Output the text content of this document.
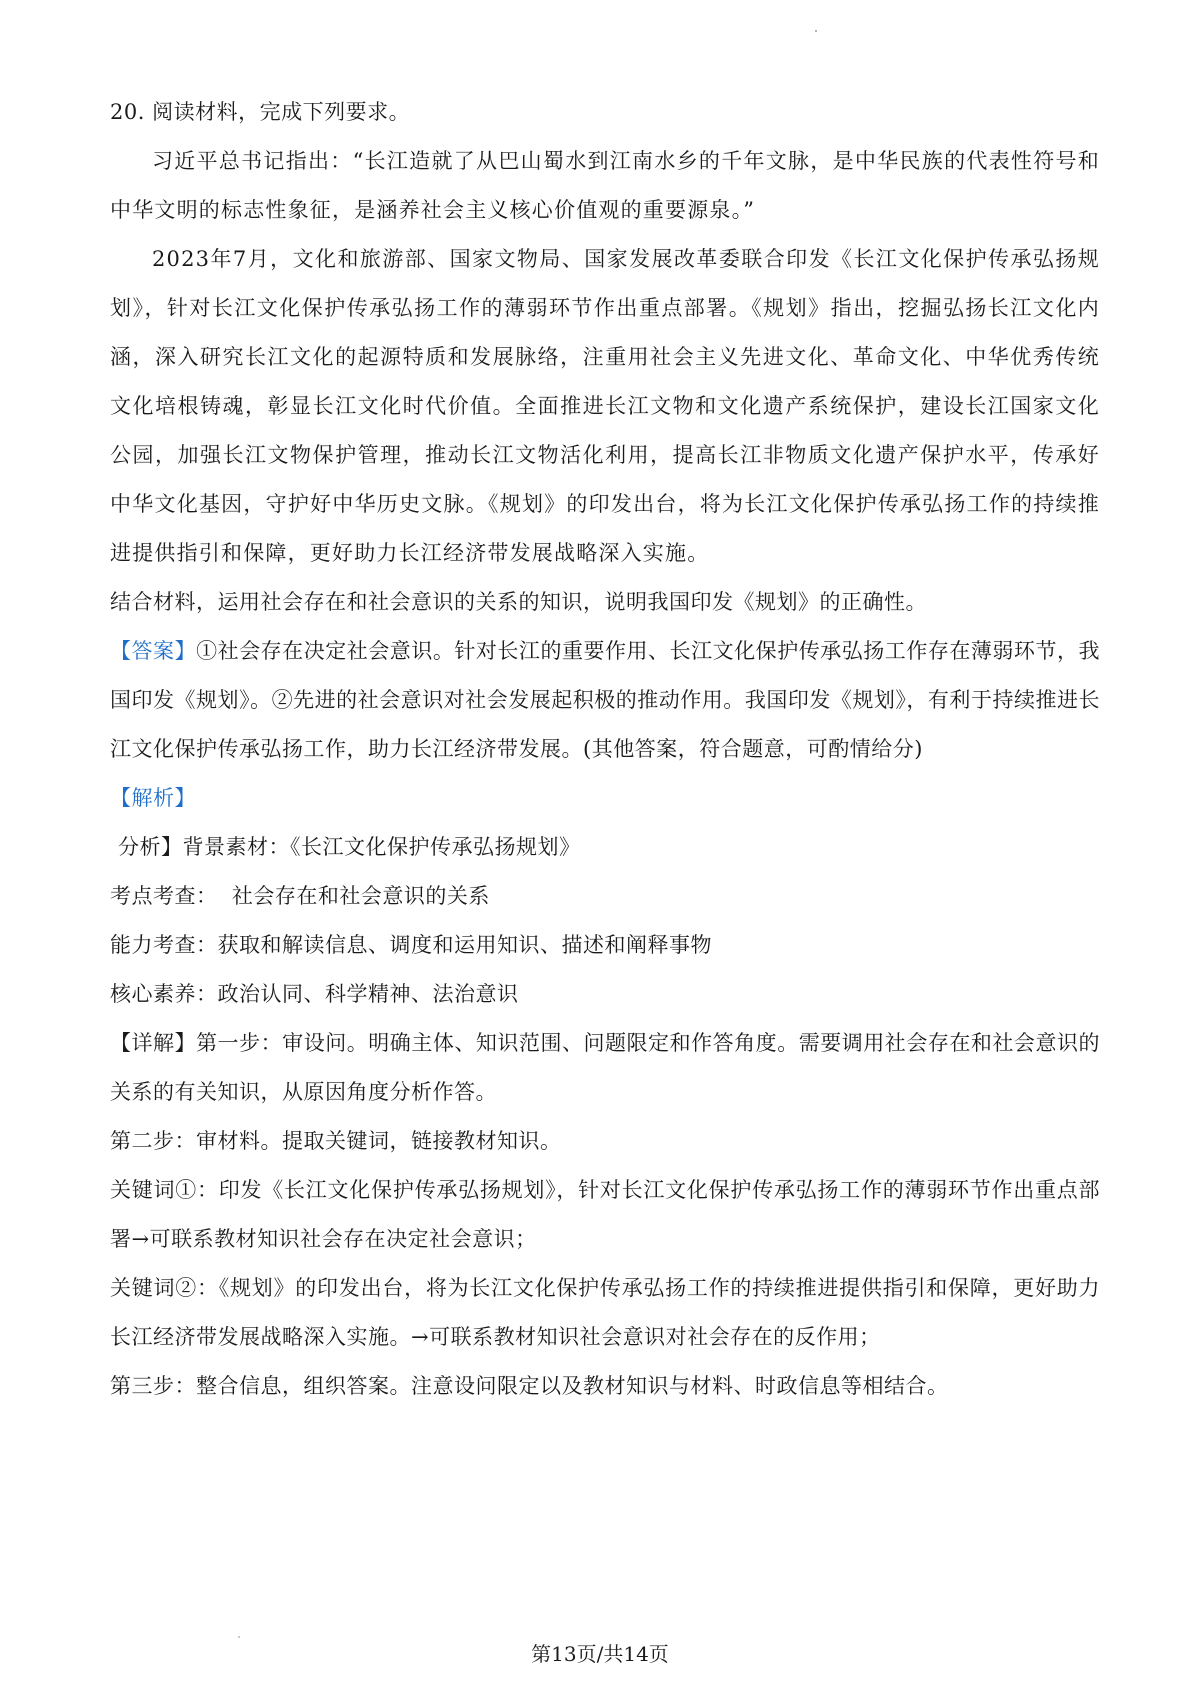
20. 阅读材料，完成下列要求。

习近平总书记指出：“长江造就了从巴山蜀水到江南水乡的千年文脉，是中华民族的代表性符号和中华文明的标志性象征，是涵养社会主义核心价值观的重要源泉。”

2023年7月，文化和旅游部、国家文物局、国家发展改革委联合印发《长江文化保护传承弘扬规划》，针对长江文化保护传承弘扬工作的薄弱环节作出重点部署。《规划》指出，挖掘弘扬长江文化内涵，深入研究长江文化的起源特质和发展脉络，注重用社会主义先进文化、革命文化、中华优秀传统文化培根铸魂，彰显长江文化时代价值。全面推进长江文物和文化遗产系统保护，建设长江国家文化公园，加强长江文物保护管理，推动长江文物活化利用，提高长江非物质文化遗产保护水平，传承好中华文化基因，守护好中华历史文脉。《规划》的印发出台，将为长江文化保护传承弘扬工作的持续推进提供指引和保障，更好助力长江经济带发展战略深入实施。

结合材料，运用社会存在和社会意识的关系的知识，说明我国印发《规划》的正确性。

【答案】①社会存在决定社会意识。针对长江的重要作用、长江文化保护传承弘扬工作存在薄弱环节，我国印发《规划》。②先进的社会意识对社会发展起积极的推动作用。我国印发《规划》，有利于持续推进长江文化保护传承弘扬工作，助力长江经济带发展。(其他答案，符合题意，可酌情给分)

【解析】

分析】背景素材：《长江文化保护传承弘扬规划》

考点考查：  社会存在和社会意识的关系

能力考查：获取和解读信息、调度和运用知识、描述和阐释事物

核心素养：政治认同、科学精神、法治意识

【详解】第一步：审设问。明确主体、知识范围、问题限定和作答角度。需要调用社会存在和社会意识的关系的有关知识，从原因角度分析作答。

第二步：审材料。提取关键词，链接教材知识。

关键词①：印发《长江文化保护传承弘扬规划》，针对长江文化保护传承弘扬工作的薄弱环节作出重点部署→可联系教材知识社会存在决定社会意识；

关键词②：《规划》的印发出台，将为长江文化保护传承弘扬工作的持续推进提供指引和保障，更好助力长江经济带发展战略深入实施。→可联系教材知识社会意识对社会存在的反作用；

第三步：整合信息，组织答案。注意设问限定以及教材知识与材料、时政信息等相结合。

第13页/共14页
